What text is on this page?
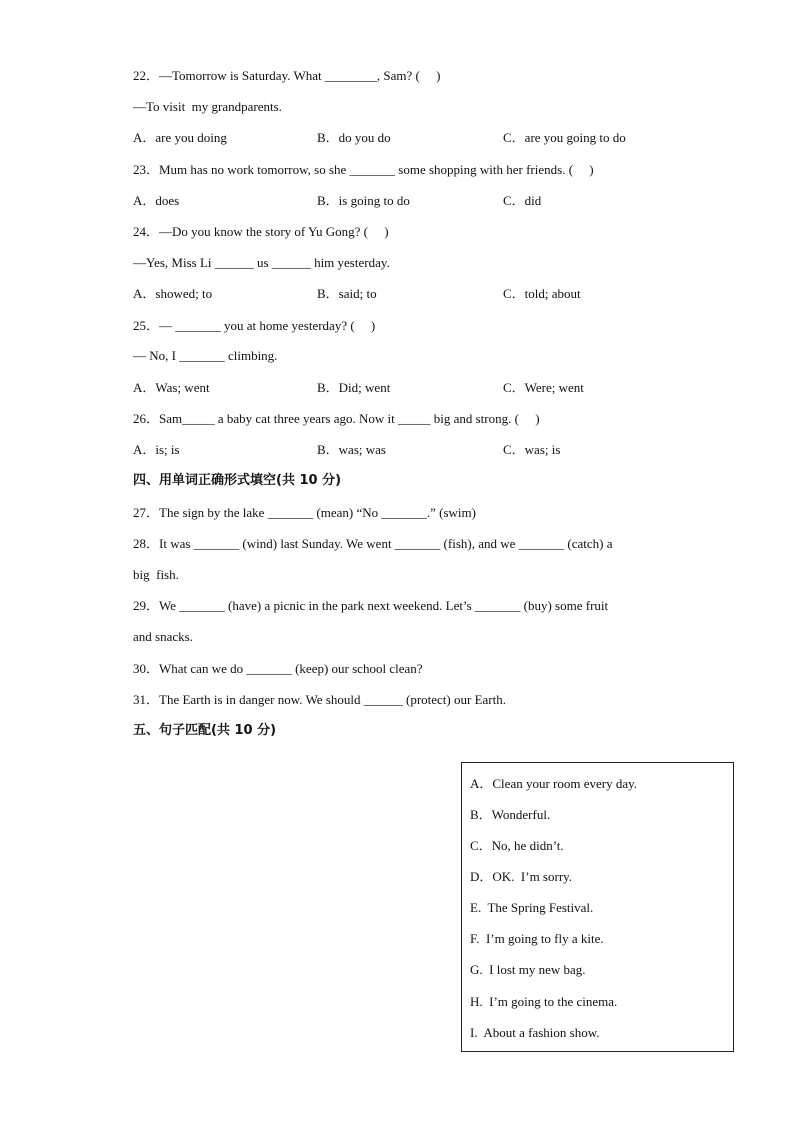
22．—Tomorrow is Saturday. What ________, Sam? (     )
—To visit  my grandparents.
A．are you doing	B．do you do	C．are you going to do
23．Mum has no work tomorrow, so she _______ some shopping with her friends. (     )
A．does	B．is going to do	C．did
24．—Do you know the story of Yu Gong? (     )
—Yes, Miss Li ______ us ______ him yesterday.
A．showed; to	B．said; to	C．told; about
25．— _______ you at home yesterday? (     )
— No, I _______ climbing.
A．Was; went	B．Did; went	C．Were; went
26．Sam_____ a baby cat three years ago. Now it _____ big and strong. (     )
A．is; is	B．was; was	C．was; is
四、用单词正确形式填空(共 10 分)
27．The sign by the lake _______ (mean) “No _______.” (swim)
28．It was _______ (wind) last Sunday. We went _______ (fish), and we _______ (catch) a
big  fish.
29．We _______ (have) a picnic in the park next weekend. Let’s _______ (buy) some fruit
and snacks.
30．What can we do _______ (keep) our school clean?
31．The Earth is in danger now. We should ______ (protect) our Earth.
五、句子匹配(共 10 分)
A．Clean your room every day.
B．Wonderful.
C．No, he didn’t.
D．OK.  I’m sorry.
E.  The Spring Festival.
F.  I’m going to fly a kite.
G.  I lost my new bag.
H.  I’m going to the cinema.
I.  About a fashion show.
